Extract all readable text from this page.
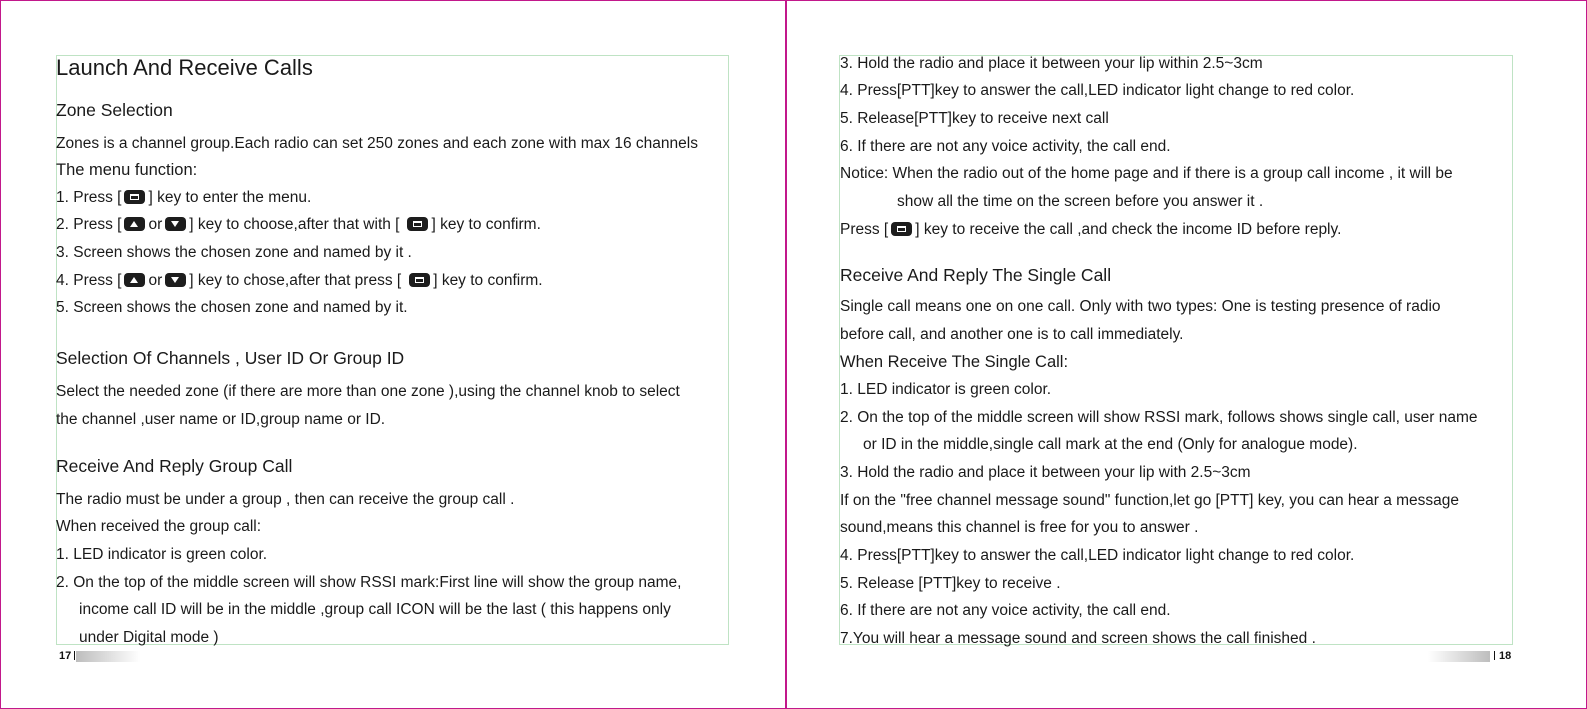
Launch And Receive Calls
Zone Selection
Zones is a channel group.Each radio can set 250 zones and each zone with max 16 channels
The menu function:
1. Press [ ] key to enter the menu.
2. Press [ or ] key to choose,after that with [ ] key to confirm.
3. Screen shows the chosen zone and named by it .
4. Press [ or ] key to chose,after that press [ ] key to confirm.
5. Screen shows the chosen zone and named by it.
Selection Of Channels , User ID Or Group ID
Select the needed zone (if there are more than one zone ),using the channel knob to select
the channel ,user name or ID,group name or ID.
Receive And Reply Group Call
The radio must be under a group , then can receive the group call .
When received the group call:
1. LED indicator is green color.
2. On the top of the middle screen will show RSSI mark:First line will show the group name,
income call ID will be in the middle ,group call ICON will be the last ( this happens only
under Digital mode )
17
3. Hold the radio and place it between your lip within 2.5~3cm
4. Press[PTT]key to answer the call,LED indicator light change to red color.
5. Release[PTT]key to receive next call
6. If there are not any voice activity, the call end.
Notice: When the radio out of the home page and if there is a group call income , it will be
show all the time on the screen before you answer it .
Press [ ] key to receive the call ,and check the income ID before reply.
Receive And Reply The Single Call
Single call means one on one call. Only with two types: One is testing presence of radio
before call, and another one is to call immediately.
When Receive The Single Call:
1. LED indicator is green color.
2. On the top of the middle screen will show RSSI mark, follows shows single call, user name
or ID in the middle,single call mark at the end (Only for analogue mode).
3. Hold the radio and place it between your lip with 2.5~3cm
If on the "free channel message sound" function,let go [PTT] key, you can hear a message
sound,means this channel is free for you to answer .
4. Press[PTT]key to answer the call,LED indicator light change to red color.
5. Release [PTT]key to receive .
6. If there are not any voice activity, the call end.
7.You will hear a message sound and screen shows the call finished .
18
